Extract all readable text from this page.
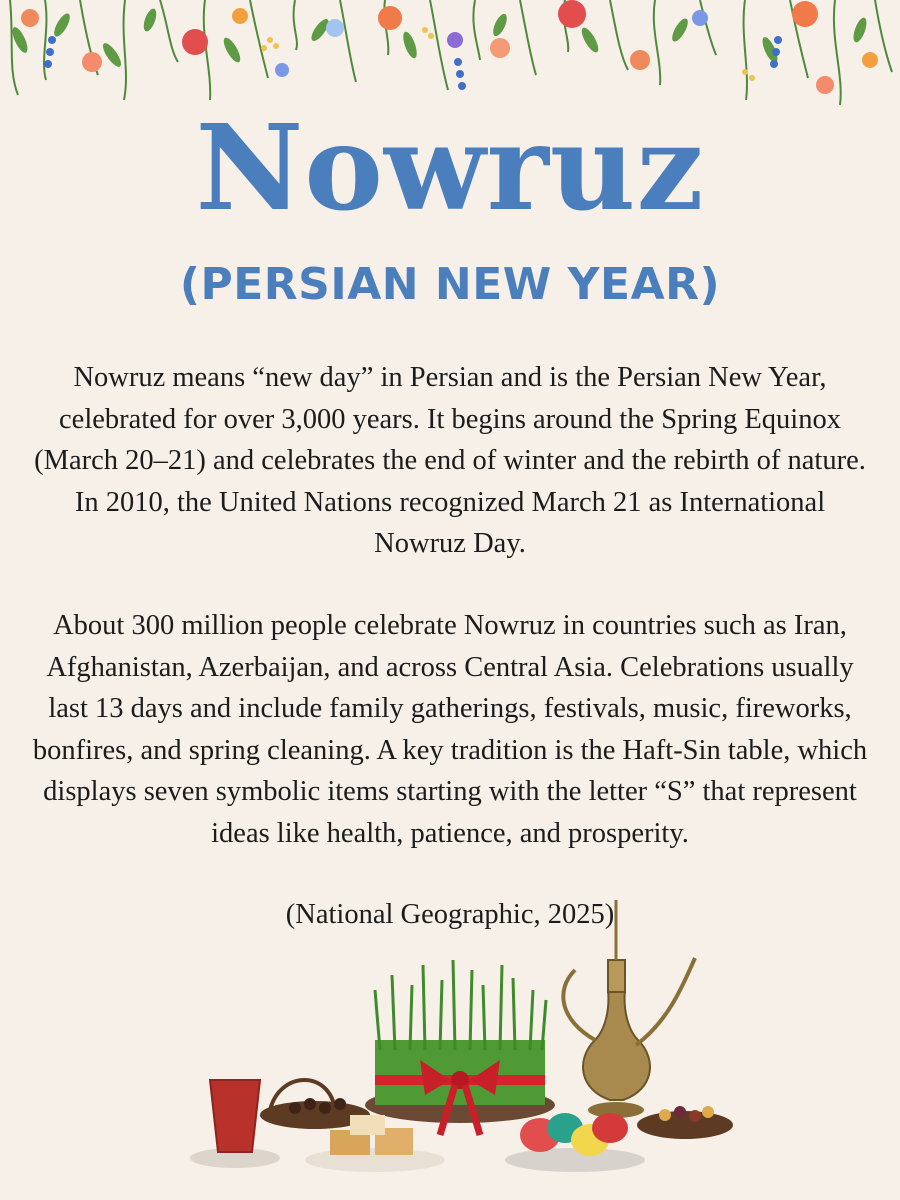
Nowruz
(PERSIAN NEW YEAR)
Nowruz means “new day” in Persian and is the Persian New Year, celebrated for over 3,000 years. It begins around the Spring Equinox (March 20–21) and celebrates the end of winter and the rebirth of nature. In 2010, the United Nations recognized March 21 as International Nowruz Day.
About 300 million people celebrate Nowruz in countries such as Iran, Afghanistan, Azerbaijan, and across Central Asia. Celebrations usually last 13 days and include family gatherings, festivals, music, fireworks, bonfires, and spring cleaning. A key tradition is the Haft-Sin table, which displays seven symbolic items starting with the letter “S” that represent ideas like health, patience, and prosperity.
(National Geographic, 2025)
